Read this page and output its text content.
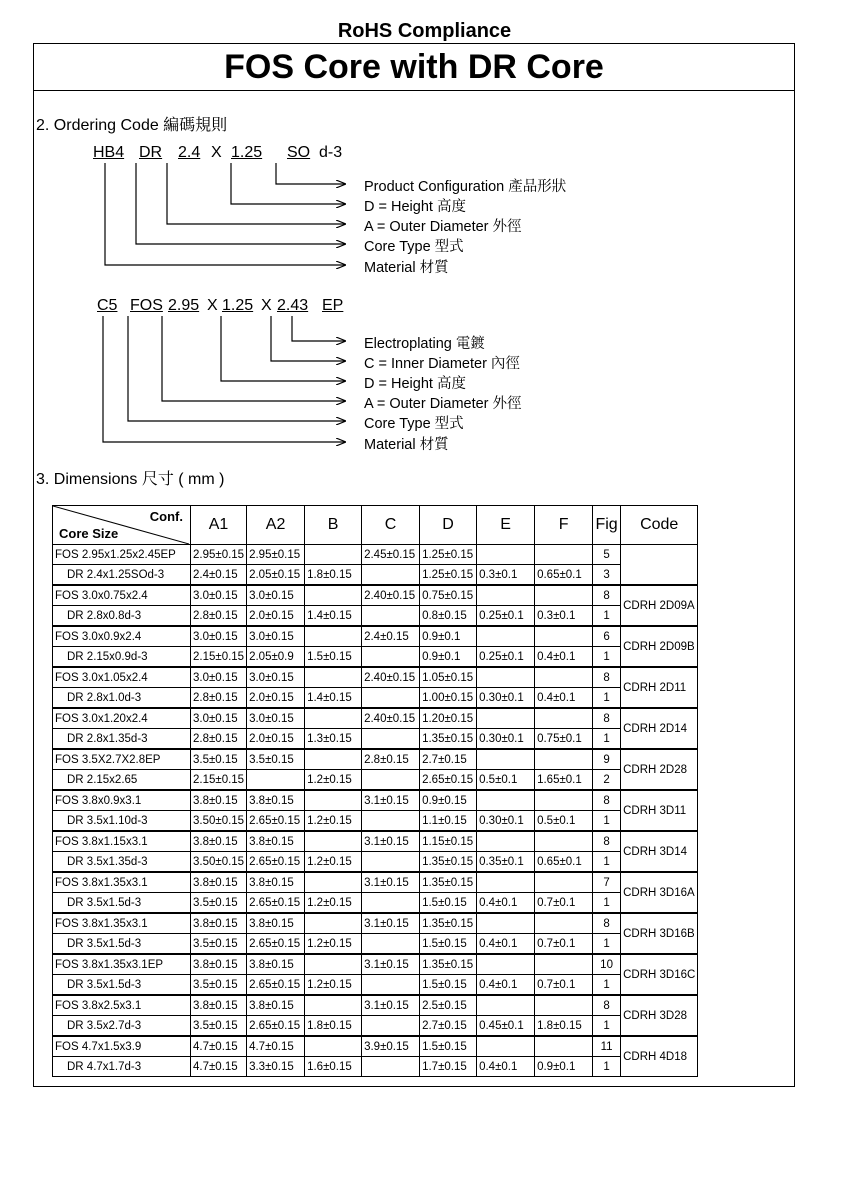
RoHS Compliance
FOS Core with DR Core
2. Ordering Code 編碼規則
HB4 DR 2.4 X 1.25 SO d-3
Product Configuration 產品形狀
D = Height 高度
A = Outer Diameter 外徑
Core Type 型式
Material 材質
C5 FOS 2.95 X 1.25 X 2.43 EP
Electroplating 電鍍
C = Inner Diameter 內徑
D = Height 高度
A = Outer Diameter 外徑
Core Type 型式
Material 材質
3. Dimensions 尺寸 ( mm )
Conf.
Core Size	A1	A2	B	C	D	E	F	Fig	Code
FOS 2.95x1.25x2.45EP	2.95±0.15	2.95±0.15		2.45±0.15	1.25±0.15			5	
DR 2.4x1.25SOd-3	2.4±0.15	2.05±0.15	1.8±0.15		1.25±0.15	0.3±0.1	0.65±0.1	3	
FOS 3.0x0.75x2.4	3.0±0.15	3.0±0.15		2.40±0.15	0.75±0.15			8	CDRH 2D09A
DR 2.8x0.8d-3	2.8±0.15	2.0±0.15	1.4±0.15		0.8±0.15	0.25±0.1	0.3±0.1	1	
FOS 3.0x0.9x2.4	3.0±0.15	3.0±0.15		2.4±0.15	0.9±0.1			6	CDRH 2D09B
DR 2.15x0.9d-3	2.15±0.15	2.05±0.9	1.5±0.15		0.9±0.1	0.25±0.1	0.4±0.1	1	
FOS 3.0x1.05x2.4	3.0±0.15	3.0±0.15		2.40±0.15	1.05±0.15			8	CDRH 2D11
DR 2.8x1.0d-3	2.8±0.15	2.0±0.15	1.4±0.15		1.00±0.15	0.30±0.1	0.4±0.1	1	
FOS 3.0x1.20x2.4	3.0±0.15	3.0±0.15		2.40±0.15	1.20±0.15			8	CDRH 2D14
DR 2.8x1.35d-3	2.8±0.15	2.0±0.15	1.3±0.15		1.35±0.15	0.30±0.1	0.75±0.1	1	
FOS 3.5X2.7X2.8EP	3.5±0.15	3.5±0.15		2.8±0.15	2.7±0.15			9	CDRH 2D28
DR 2.15x2.65	2.15±0.15		1.2±0.15		2.65±0.15	0.5±0.1	1.65±0.1	2	
FOS 3.8x0.9x3.1	3.8±0.15	3.8±0.15		3.1±0.15	0.9±0.15			8	CDRH 3D11
DR 3.5x1.10d-3	3.50±0.15	2.65±0.15	1.2±0.15		1.1±0.15	0.30±0.1	0.5±0.1	1	
FOS 3.8x1.15x3.1	3.8±0.15	3.8±0.15		3.1±0.15	1.15±0.15			8	CDRH 3D14
DR 3.5x1.35d-3	3.50±0.15	2.65±0.15	1.2±0.15		1.35±0.15	0.35±0.1	0.65±0.1	1	
FOS 3.8x1.35x3.1	3.8±0.15	3.8±0.15		3.1±0.15	1.35±0.15			7	CDRH 3D16A
DR 3.5x1.5d-3	3.5±0.15	2.65±0.15	1.2±0.15		1.5±0.15	0.4±0.1	0.7±0.1	1	
FOS 3.8x1.35x3.1	3.8±0.15	3.8±0.15		3.1±0.15	1.35±0.15			8	CDRH 3D16B
DR 3.5x1.5d-3	3.5±0.15	2.65±0.15	1.2±0.15		1.5±0.15	0.4±0.1	0.7±0.1	1	
FOS 3.8x1.35x3.1EP	3.8±0.15	3.8±0.15		3.1±0.15	1.35±0.15			10	CDRH 3D16C
DR 3.5x1.5d-3	3.5±0.15	2.65±0.15	1.2±0.15		1.5±0.15	0.4±0.1	0.7±0.1	1	
FOS 3.8x2.5x3.1	3.8±0.15	3.8±0.15		3.1±0.15	2.5±0.15			8	CDRH 3D28
DR 3.5x2.7d-3	3.5±0.15	2.65±0.15	1.8±0.15		2.7±0.15	0.45±0.1	1.8±0.15	1	
FOS 4.7x1.5x3.9	4.7±0.15	4.7±0.15		3.9±0.15	1.5±0.15			11	CDRH 4D18
DR 4.7x1.7d-3	4.7±0.15	3.3±0.15	1.6±0.15		1.7±0.15	0.4±0.1	0.9±0.1	1	
